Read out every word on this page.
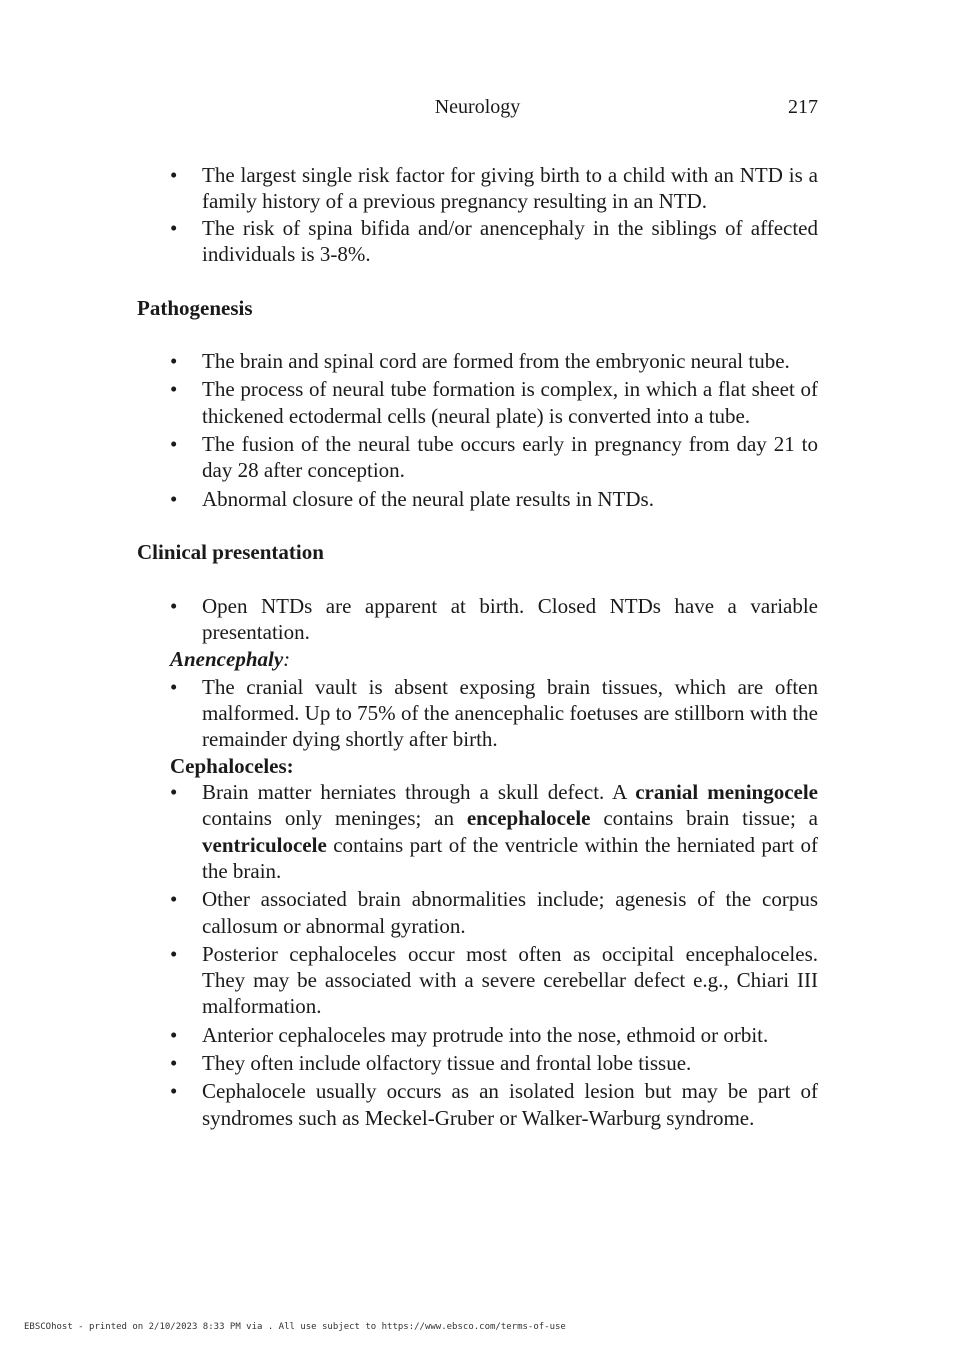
Neurology	217
• The largest single risk factor for giving birth to a child with an NTD is a family history of a previous pregnancy resulting in an NTD.
• The risk of spina bifida and/or anencephaly in the siblings of affected individuals is 3-8%.
Pathogenesis
• The brain and spinal cord are formed from the embryonic neural tube.
• The process of neural tube formation is complex, in which a flat sheet of thickened ectodermal cells (neural plate) is converted into a tube.
• The fusion of the neural tube occurs early in pregnancy from day 21 to day 28 after conception.
• Abnormal closure of the neural plate results in NTDs.
Clinical presentation
• Open NTDs are apparent at birth. Closed NTDs have a variable presentation.
Anencephaly:
• The cranial vault is absent exposing brain tissues, which are often malformed. Up to 75% of the anencephalic foetuses are stillborn with the remainder dying shortly after birth.
Cephaloceles:
• Brain matter herniates through a skull defect. A cranial meningocele contains only meninges; an encephalocele contains brain tissue; a ventriculocele contains part of the ventricle within the herniated part of the brain.
• Other associated brain abnormalities include; agenesis of the corpus callosum or abnormal gyration.
• Posterior cephaloceles occur most often as occipital encephaloceles. They may be associated with a severe cerebellar defect e.g., Chiari III malformation.
• Anterior cephaloceles may protrude into the nose, ethmoid or orbit.
• They often include olfactory tissue and frontal lobe tissue.
• Cephalocele usually occurs as an isolated lesion but may be part of syndromes such as Meckel-Gruber or Walker-Warburg syndrome.
EBSCOhost - printed on 2/10/2023 8:33 PM via . All use subject to https://www.ebsco.com/terms-of-use
